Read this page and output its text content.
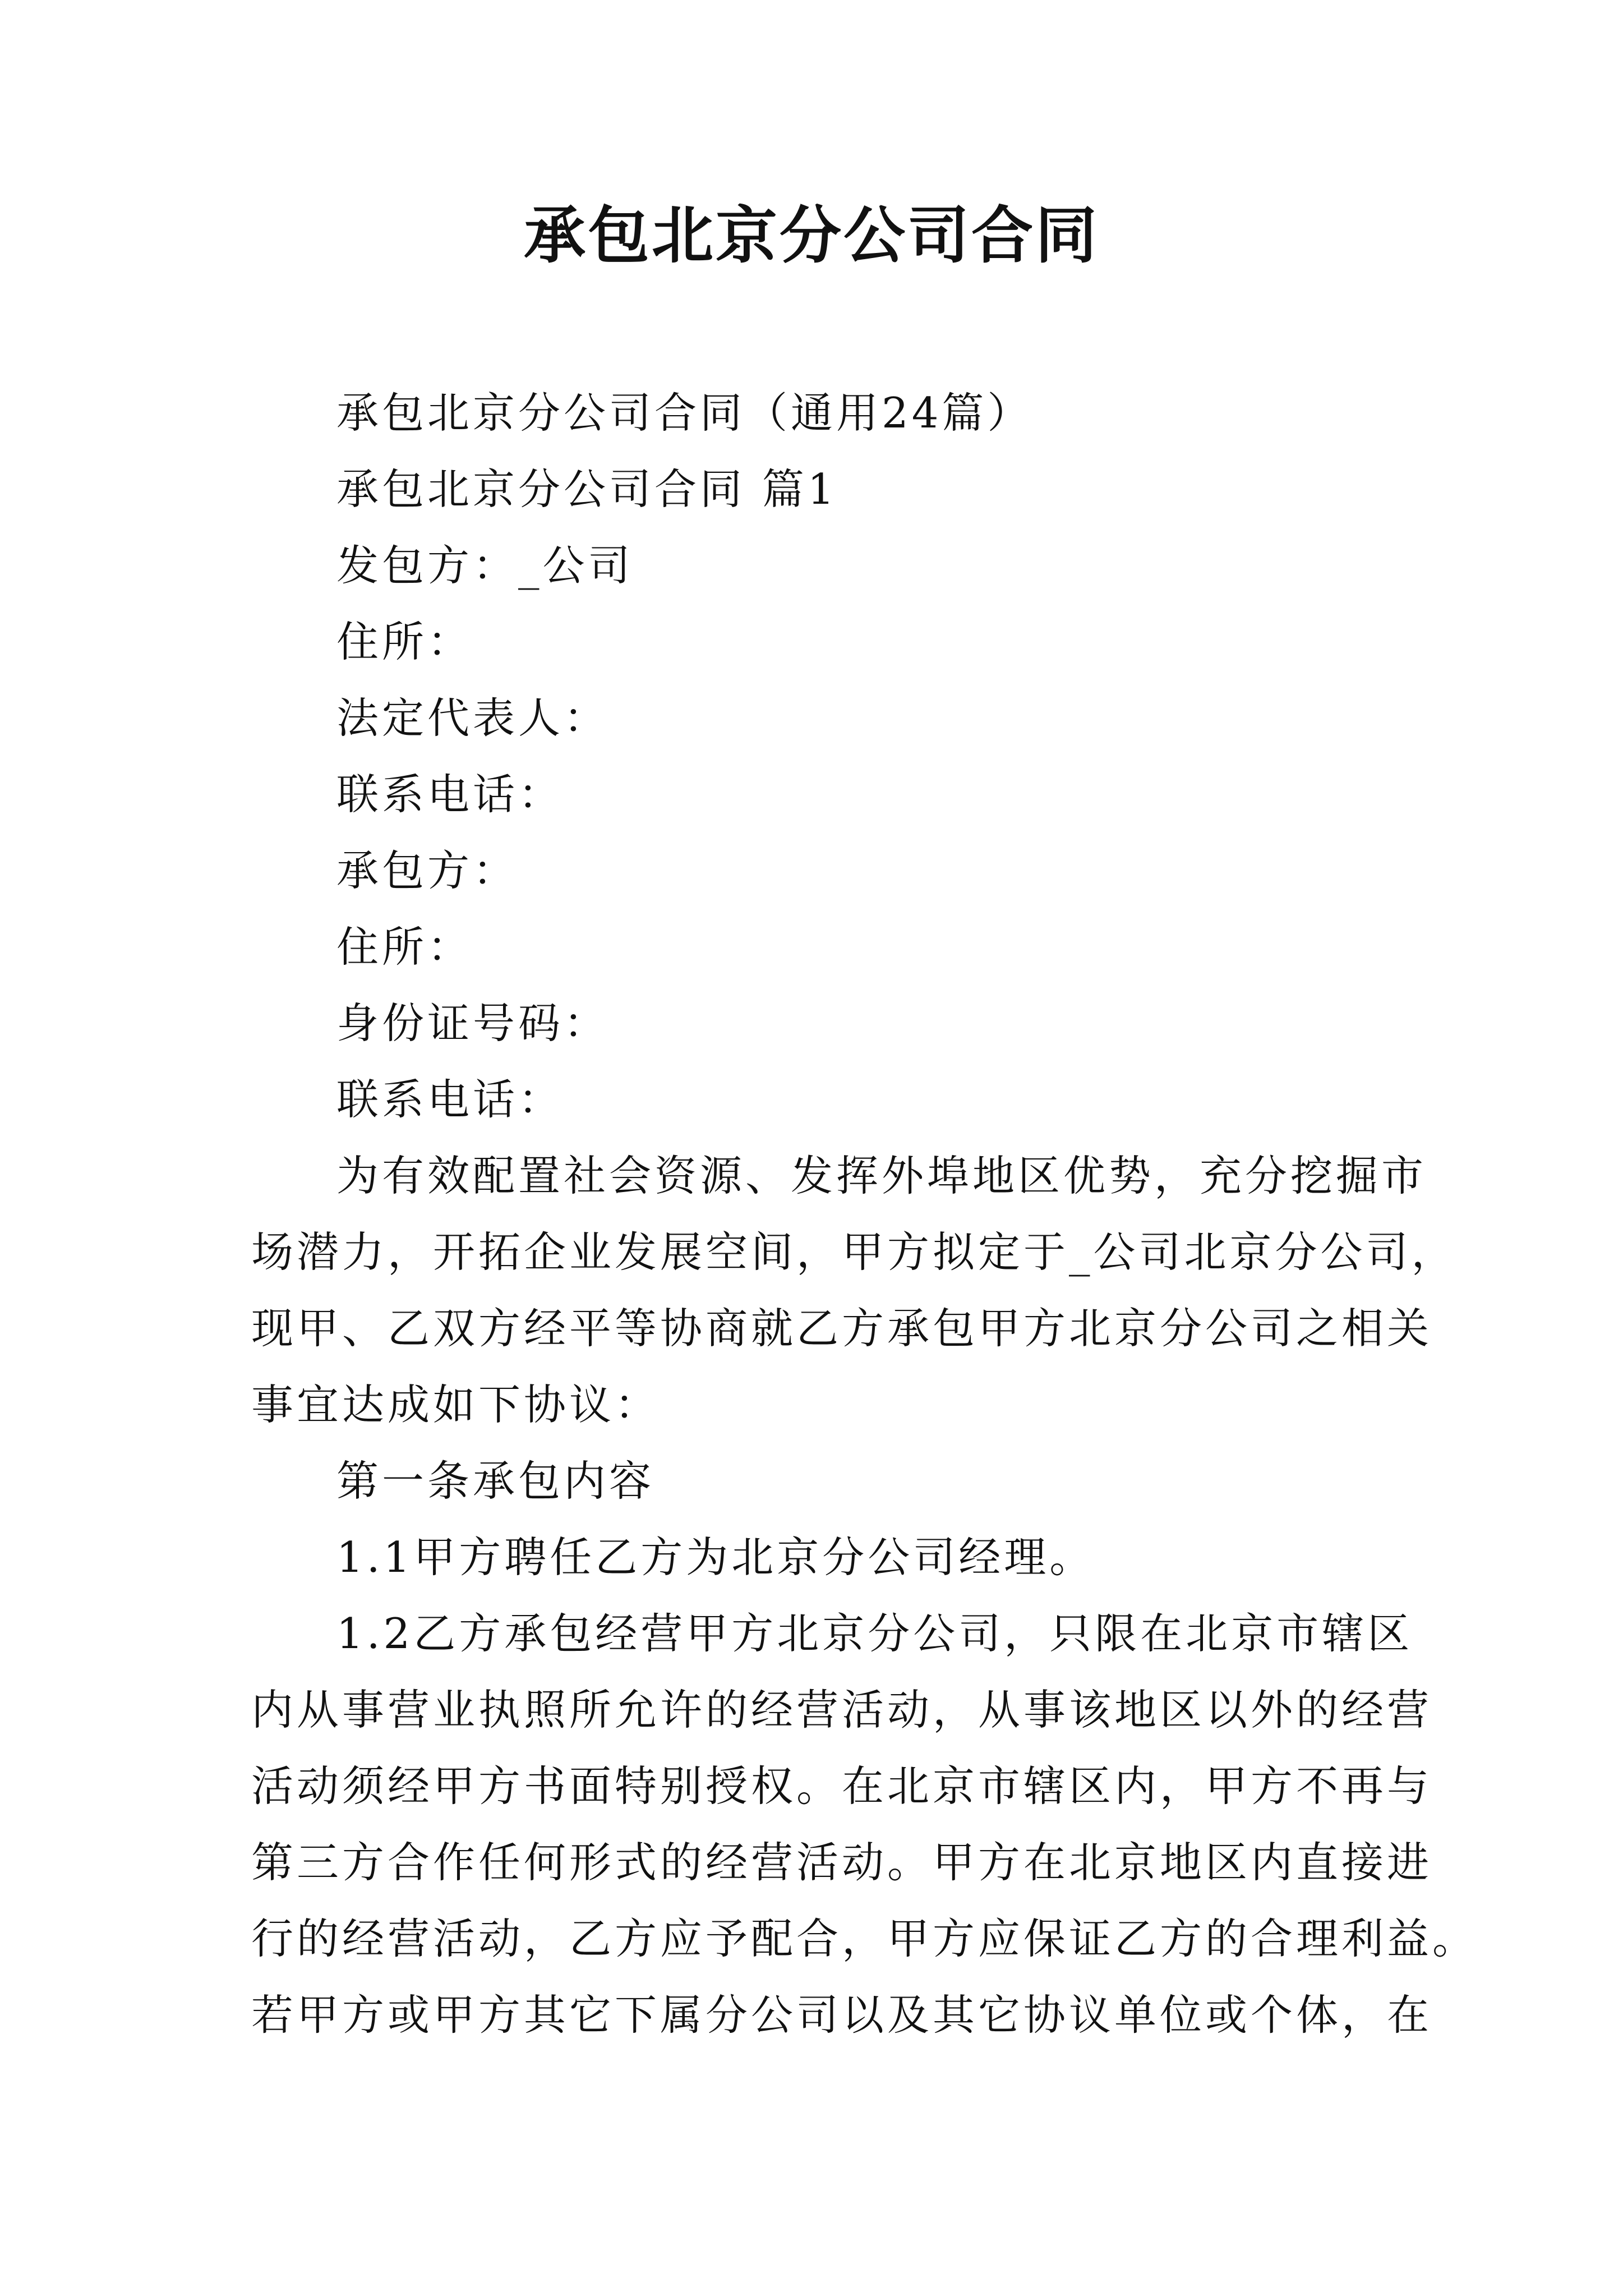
承包北京分公司合同

承包北京分公司合同（通用24篇）

承包北京分公司合同 篇1

发包方：_公司

住所：

法定代表人：

联系电话：

承包方：

住所：

身份证号码：

联系电话：

为有效配置社会资源、发挥外埠地区优势，充分挖掘市

场潜力，开拓企业发展空间，甲方拟定于_公司北京分公司，

现甲、乙双方经平等协商就乙方承包甲方北京分公司之相关

事宜达成如下协议：

第一条承包内容

1.1甲方聘任乙方为北京分公司经理。

1.2乙方承包经营甲方北京分公司，只限在北京市辖区

内从事营业执照所允许的经营活动，从事该地区以外的经营

活动须经甲方书面特别授权。在北京市辖区内，甲方不再与

第三方合作任何形式的经营活动。甲方在北京地区内直接进

行的经营活动，乙方应予配合，甲方应保证乙方的合理利益。

若甲方或甲方其它下属分公司以及其它协议单位或个体，在
